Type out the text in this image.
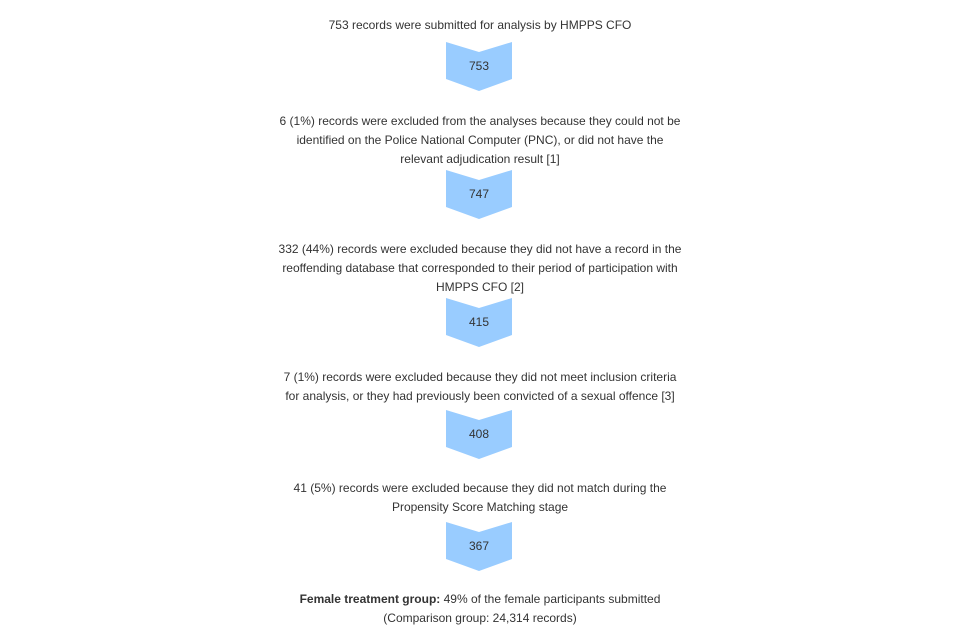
753 records were submitted for analysis by HMPPS CFO

753

6 (1%) records were excluded from the analyses because they could not be identified on the Police National Computer (PNC), or did not have the relevant adjudication result [1]

747

332 (44%) records were excluded because they did not have a record in the reoffending database that corresponded to their period of participation with HMPPS CFO [2]

415

7 (1%) records were excluded because they did not meet inclusion criteria for analysis, or they had previously been convicted of a sexual offence [3]

408

41 (5%) records were excluded because they did not match during the Propensity Score Matching stage

367
Female treatment group: 49% of the female participants submitted
(Comparison group: 24,314 records)
